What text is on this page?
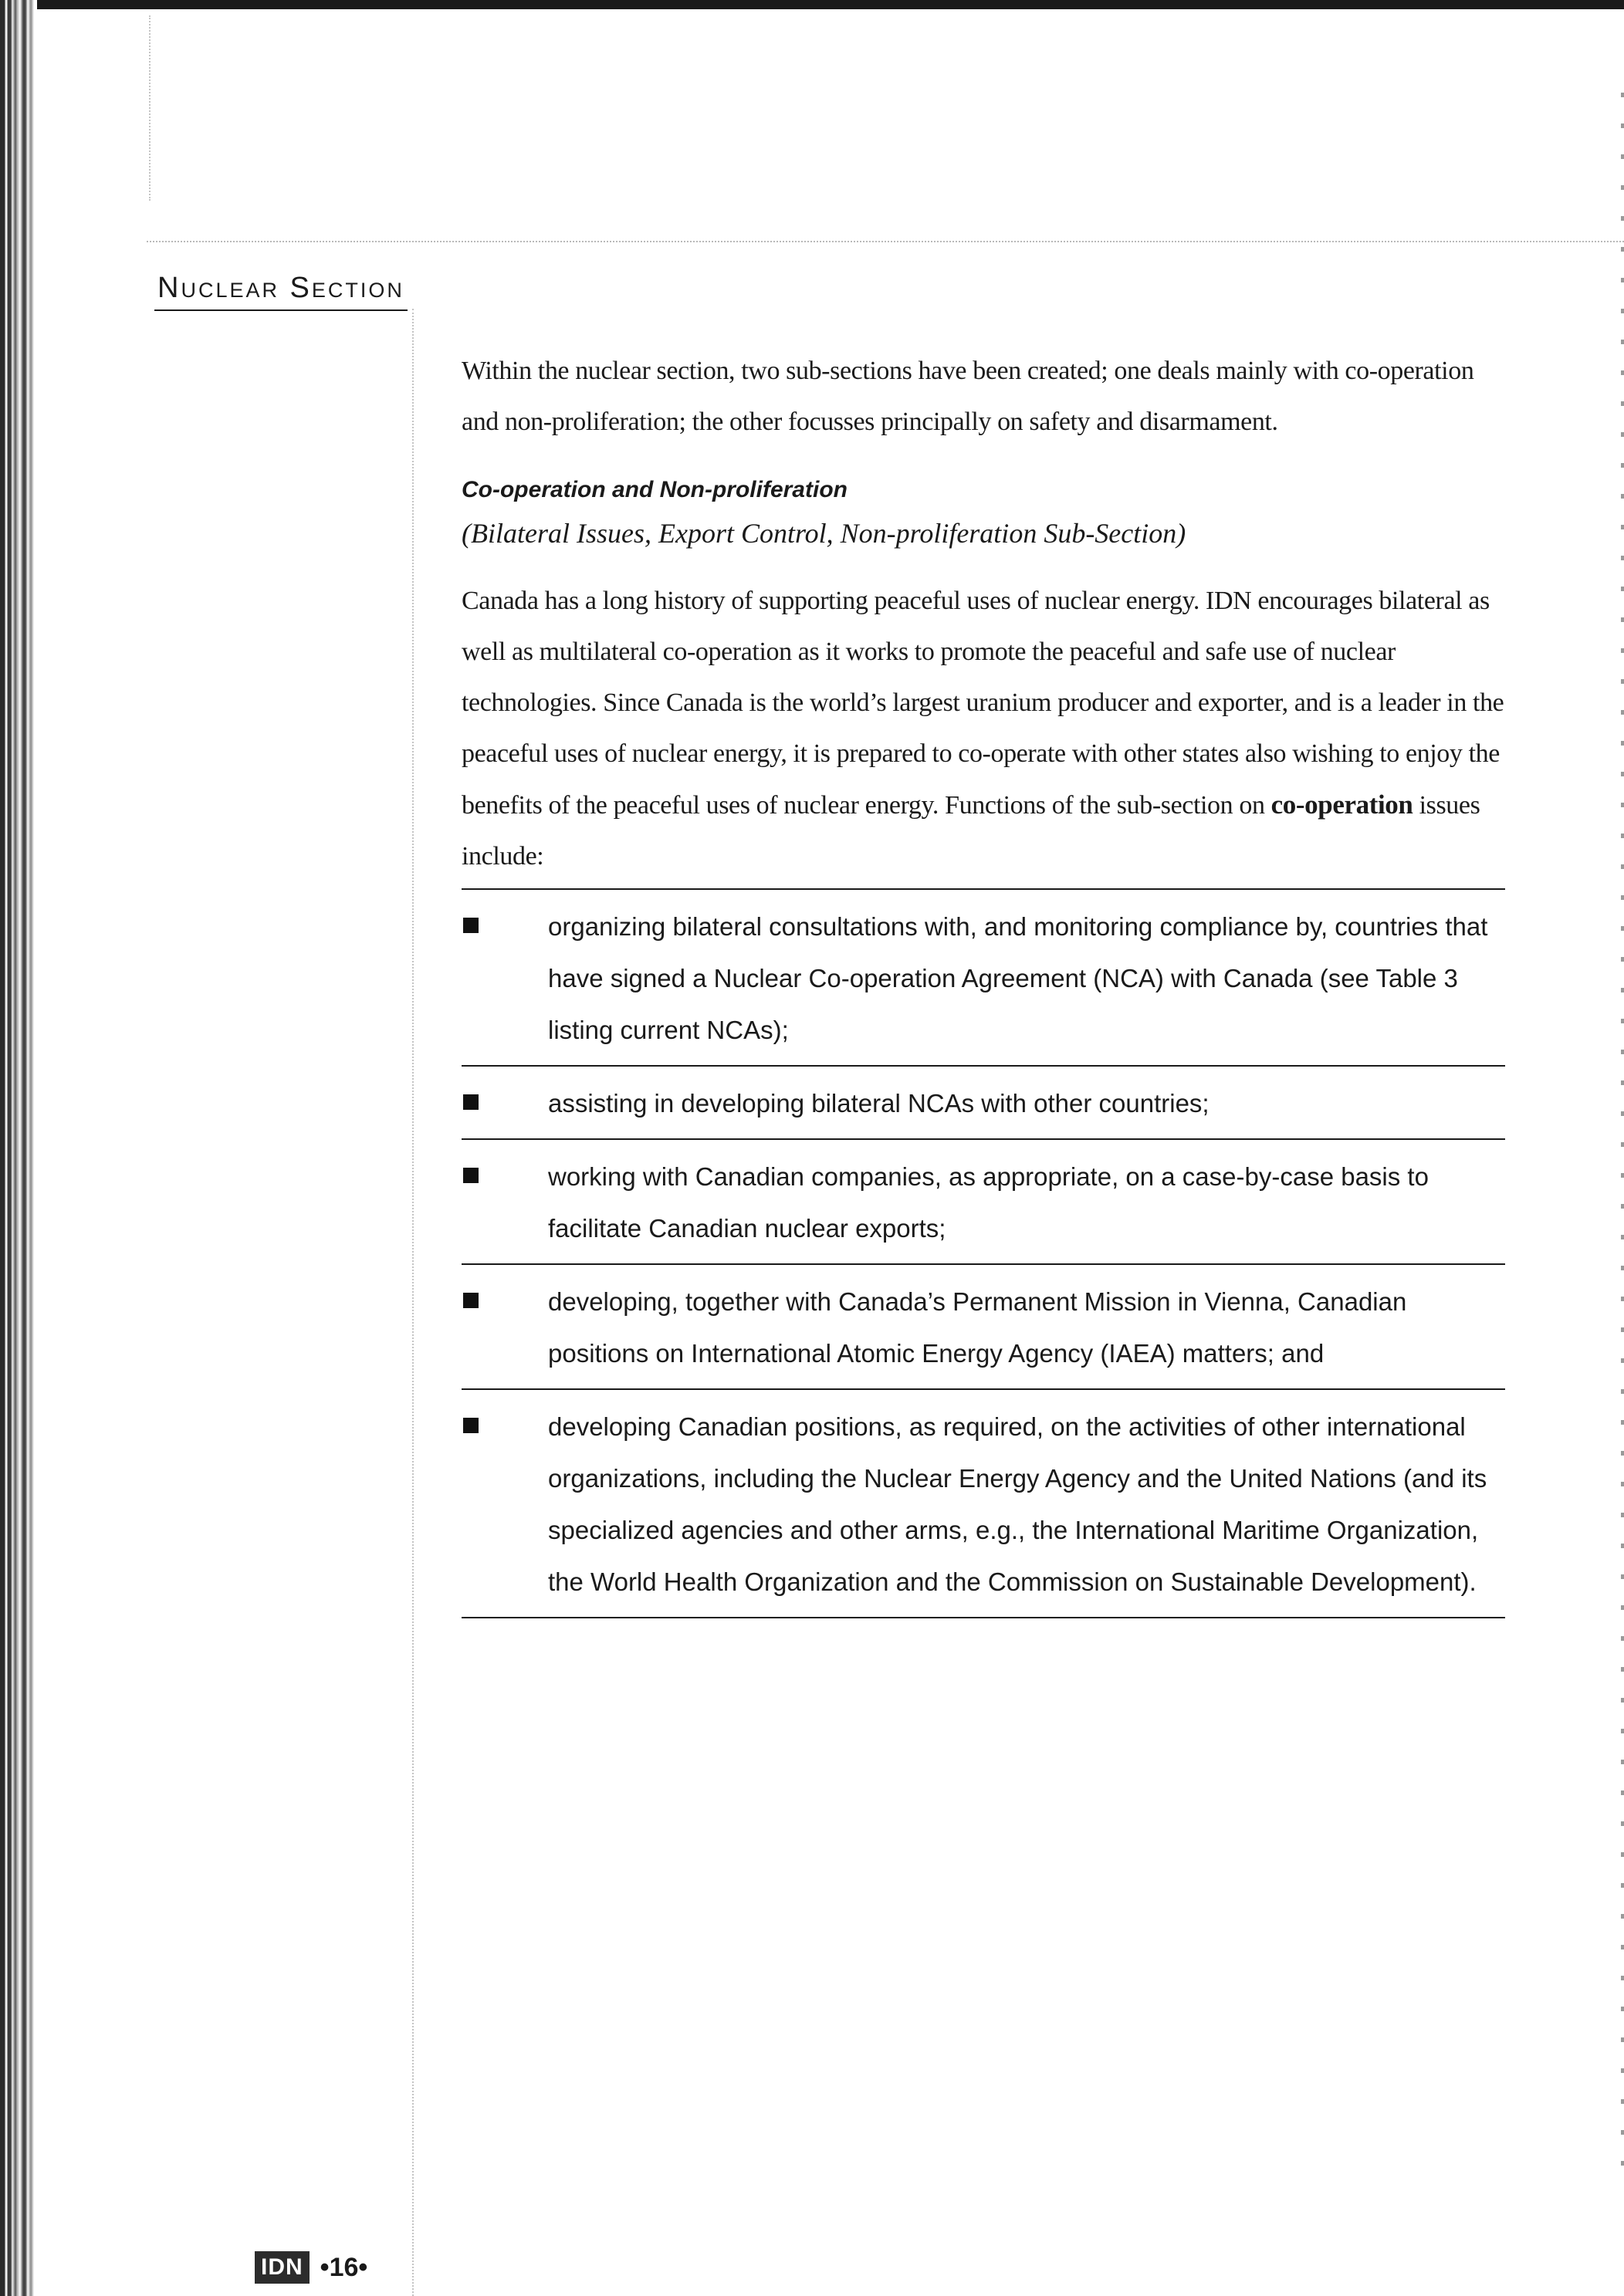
Nuclear Section

Within the nuclear section, two sub-sections have been created; one deals mainly with co-operation and non-proliferation; the other focusses principally on safety and disarmament.

Co-operation and Non-proliferation

(Bilateral Issues, Export Control, Non-proliferation Sub-Section)

Canada has a long history of supporting peaceful uses of nuclear energy. IDN encourages bilateral as well as multilateral co-operation as it works to promote the peaceful and safe use of nuclear technologies. Since Canada is the world’s largest uranium producer and exporter, and is a leader in the peaceful uses of nuclear energy, it is prepared to co-operate with other states also wishing to enjoy the benefits of the peaceful uses of nuclear energy. Functions of the sub-section on co-operation issues include:

organizing bilateral consultations with, and monitoring compliance by, countries that have signed a Nuclear Co-operation Agreement (NCA) with Canada (see Table 3 listing current NCAs);
assisting in developing bilateral NCAs with other countries;
working with Canadian companies, as appropriate, on a case-by-case basis to facilitate Canadian nuclear exports;
developing, together with Canada’s Permanent Mission in Vienna, Canadian positions on International Atomic Energy Agency (IAEA) matters; and
developing Canadian positions, as required, on the activities of other international organizations, including the Nuclear Energy Agency and the United Nations (and its specialized agencies and other arms, e.g., the International Maritime Organization, the World Health Organization and the Commission on Sustainable Development).
IDN •16•
